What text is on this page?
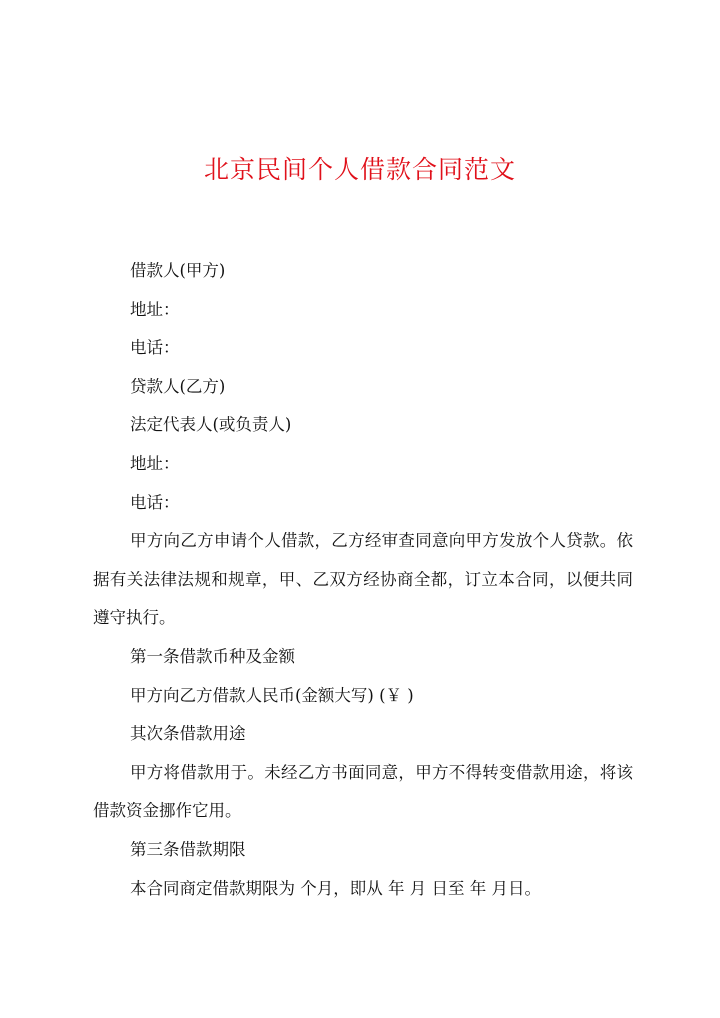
北京民间个人借款合同范文

借款人(甲方)

地址：

电话：

贷款人(乙方)

法定代表人(或负责人)

地址：

电话：

甲方向乙方申请个人借款，乙方经审查同意向甲方发放个人贷款。依据有关法律法规和规章，甲、乙双方经协商全都，订立本合同，以便共同遵守执行。

第一条借款币种及金额

甲方向乙方借款人民币(金额大写) (￥ )

其次条借款用途

甲方将借款用于。未经乙方书面同意，甲方不得转变借款用途，将该借款资金挪作它用。

第三条借款期限

本合同商定借款期限为 个月，即从 年 月 日至 年 月日。
